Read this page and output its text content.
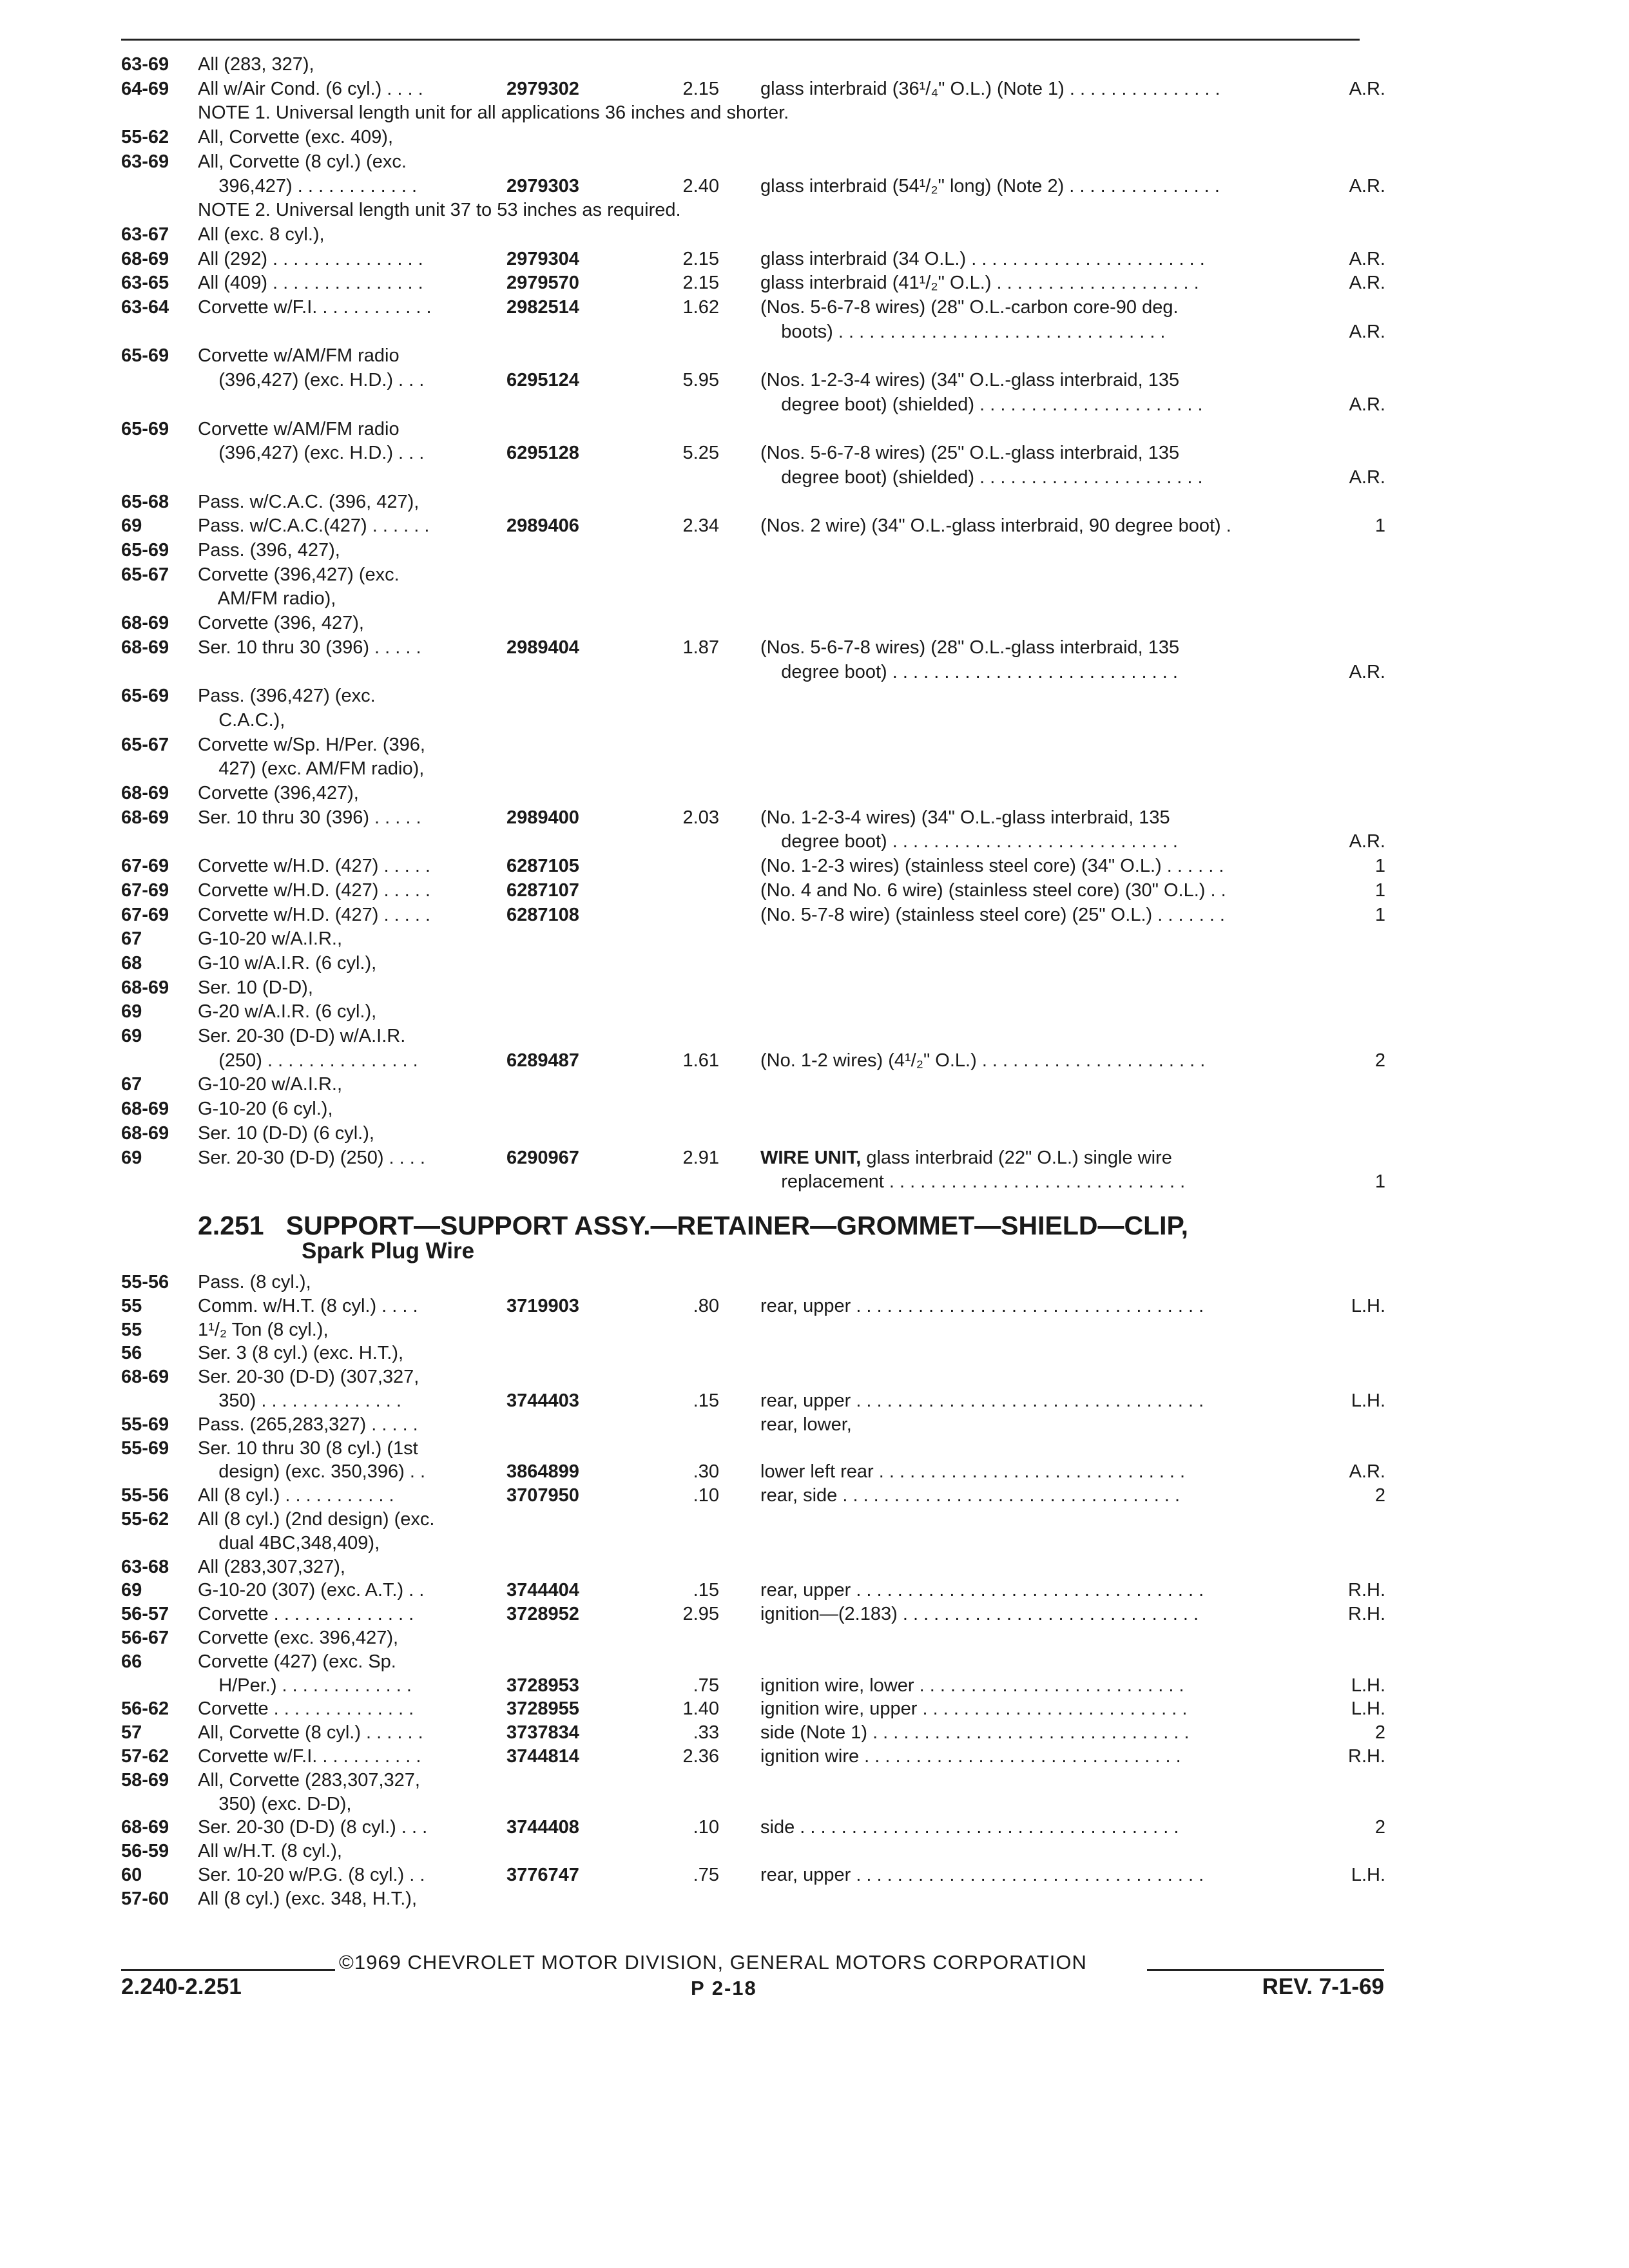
63-69 All (283, 327),
64-69 All w/Air Cond. (6 cyl.) . . . .	2979302	2.15 glass interbraid (36¹/₄" O.L.) (Note 1) . . . . . . . . . . . . . . .	A.R.
NOTE 1. Universal length unit for all applications 36 inches and shorter.
55-62 All, Corvette (exc. 409),
63-69 All, Corvette (8 cyl.) (exc.
396,427) . . . . . . . . . . . .	2979303	2.40 glass interbraid (54¹/₂" long) (Note 2) . . . . . . . . . . . . . . .	A.R.
NOTE 2. Universal length unit 37 to 53 inches as required.
63-67 All (exc. 8 cyl.),
68-69 All (292) . . . . . . . . . . . . . . .	2979304	2.15 glass interbraid (34 O.L.) . . . . . . . . . . . . . . . . . . . . . . .	A.R.
63-65 All (409) . . . . . . . . . . . . . . .	2979570	2.15 glass interbraid (41¹/₂" O.L.) . . . . . . . . . . . . . . . . . . . .	A.R.
63-64 Corvette w/F.I. . . . . . . . . . . .	2982514	1.62 (Nos. 5-6-7-8 wires) (28" O.L.-carbon core-90 deg.
boots) . . . . . . . . . . . . . . . . . . . . . . . . . . . . . . . .	A.R.
65-69 Corvette w/AM/FM radio
(396,427) (exc. H.D.) . . .	6295124	5.95 (Nos. 1-2-3-4 wires) (34" O.L.-glass interbraid, 135
degree boot) (shielded) . . . . . . . . . . . . . . . . . . . . . .	A.R.
65-69 Corvette w/AM/FM radio
(396,427) (exc. H.D.) . . .	6295128	5.25 (Nos. 5-6-7-8 wires) (25" O.L.-glass interbraid, 135
degree boot) (shielded) . . . . . . . . . . . . . . . . . . . . . .	A.R.
65-68 Pass. w/C.A.C. (396, 427),
69	Pass. w/C.A.C.(427) . . . . . .	2989406	2.34 (Nos. 2 wire) (34" O.L.-glass interbraid, 90 degree boot) .	1
65-69 Pass. (396, 427),
65-67 Corvette (396,427) (exc.
AM/FM radio),
68-69 Corvette (396, 427),
68-69 Ser. 10 thru 30 (396) . . . . .	2989404	1.87 (Nos. 5-6-7-8 wires) (28" O.L.-glass interbraid, 135
degree boot) . . . . . . . . . . . . . . . . . . . . . . . . . . . .	A.R.
65-69 Pass. (396,427) (exc.
C.A.C.),
65-67 Corvette w/Sp. H/Per. (396,
427) (exc. AM/FM radio),
68-69 Corvette (396,427),
68-69 Ser. 10 thru 30 (396) . . . . .	2989400	2.03 (No. 1-2-3-4 wires) (34" O.L.-glass interbraid, 135
degree boot) . . . . . . . . . . . . . . . . . . . . . . . . . . . .	A.R.
67-69 Corvette w/H.D. (427) . . . . .	6287105	(No. 1-2-3 wires) (stainless steel core) (34" O.L.) . . . . . .	1
67-69 Corvette w/H.D. (427) . . . . .	6287107	(No. 4 and No. 6 wire) (stainless steel core) (30" O.L.) . .	1
67-69 Corvette w/H.D. (427) . . . . .	6287108	(No. 5-7-8 wire) (stainless steel core) (25" O.L.) . . . . . . .	1
67	G-10-20 w/A.I.R.,
68	G-10 w/A.I.R. (6 cyl.),
68-69 Ser. 10 (D-D),
69	G-20 w/A.I.R. (6 cyl.),
69	Ser. 20-30 (D-D) w/A.I.R.
(250) . . . . . . . . . . . . . . .	6289487	1.61 (No. 1-2 wires) (4¹/₂" O.L.) . . . . . . . . . . . . . . . . . . . . . .	2
67	G-10-20 w/A.I.R.,
68-69 G-10-20 (6 cyl.),
68-69 Ser. 10 (D-D) (6 cyl.),
69	Ser. 20-30 (D-D) (250) . . . .	6290967	2.91 WIRE UNIT, glass interbraid (22" O.L.) single wire
replacement . . . . . . . . . . . . . . . . . . . . . . . . . . . . .	1
2.251 SUPPORT—SUPPORT ASSY.—RETAINER—GROMMET—SHIELD—CLIP,
Spark Plug Wire
55-56 Pass. (8 cyl.),
55	Comm. w/H.T. (8 cyl.) . . . .	3719903	.80 rear, upper . . . . . . . . . . . . . . . . . . . . . . . . . . . . . . . . . .	L.H.
55	1¹/₂ Ton (8 cyl.),
56	Ser. 3 (8 cyl.) (exc. H.T.),
68-69 Ser. 20-30 (D-D) (307,327,
350) . . . . . . . . . . . . . .	3744403	.15 rear, upper . . . . . . . . . . . . . . . . . . . . . . . . . . . . . . . . . .	L.H.
55-69 Pass. (265,283,327) . . . . .	rear, lower,
55-69 Ser. 10 thru 30 (8 cyl.) (1st
design) (exc. 350,396) . .	3864899	.30 lower left rear . . . . . . . . . . . . . . . . . . . . . . . . . . . . . .	A.R.
55-56 All (8 cyl.) . . . . . . . . . . .	3707950	.10 rear, side . . . . . . . . . . . . . . . . . . . . . . . . . . . . . . . . .	2
55-62 All (8 cyl.) (2nd design) (exc.
dual 4BC,348,409),
63-68 All (283,307,327),
69	G-10-20 (307) (exc. A.T.) . .	3744404	.15 rear, upper . . . . . . . . . . . . . . . . . . . . . . . . . . . . . . . . . .	R.H.
56-57 Corvette . . . . . . . . . . . . . .	3728952	2.95 ignition—(2.183) . . . . . . . . . . . . . . . . . . . . . . . . . . . . .	R.H.
56-67 Corvette (exc. 396,427),
66	Corvette (427) (exc. Sp.
H/Per.) . . . . . . . . . . . . .	3728953	.75 ignition wire, lower . . . . . . . . . . . . . . . . . . . . . . . . . .	L.H.
56-62 Corvette . . . . . . . . . . . . . .	3728955	1.40 ignition wire, upper . . . . . . . . . . . . . . . . . . . . . . . . . .	L.H.
57	All, Corvette (8 cyl.) . . . . . .	3737834	.33 side (Note 1) . . . . . . . . . . . . . . . . . . . . . . . . . . . . . . .	2
57-62 Corvette w/F.I. . . . . . . . . . .	3744814	2.36 ignition wire . . . . . . . . . . . . . . . . . . . . . . . . . . . . . . .	R.H.
58-69 All, Corvette (283,307,327,
350) (exc. D-D),
68-69 Ser. 20-30 (D-D) (8 cyl.) . . .	3744408	.10 side . . . . . . . . . . . . . . . . . . . . . . . . . . . . . . . . . . . . .	2
56-59 All w/H.T. (8 cyl.),
60	Ser. 10-20 w/P.G. (8 cyl.) . .	3776747	.75 rear, upper . . . . . . . . . . . . . . . . . . . . . . . . . . . . . . . . . .	L.H.
57-60 All (8 cyl.) (exc. 348, H.T.),
©1969 CHEVROLET MOTOR DIVISION, GENERAL MOTORS CORPORATION
2.240-2.251	P 2-18	REV. 7-1-69
